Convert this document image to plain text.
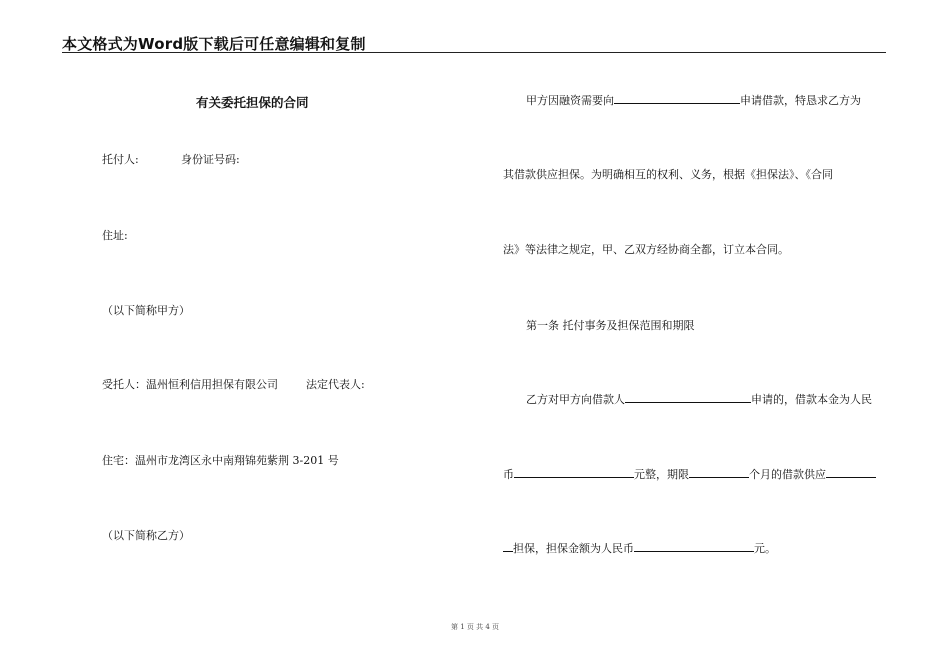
本文格式为Word版下载后可任意编辑和复制
有关委托担保的合同
托付人:	身份证号码:
住址:
（以下简称甲方）
受托人：温州恒利信用担保有限公司	法定代表人:
住宅：温州市龙湾区永中南翔锦苑紫荆 3-201 号
（以下简称乙方）
甲方因融资需要向	申请借款，特恳求乙方为
其借款供应担保。为明确相互的权利、义务，根据《担保法》、《合同
法》等法律之规定，甲、乙双方经协商全都，订立本合同。
第一条 托付事务及担保范围和期限
乙方对甲方向借款人	申请的，借款本金为人民
币	元整，期限	个月的借款供应
担保，担保金额为人民币	元。
第 1 页 共 4 页
